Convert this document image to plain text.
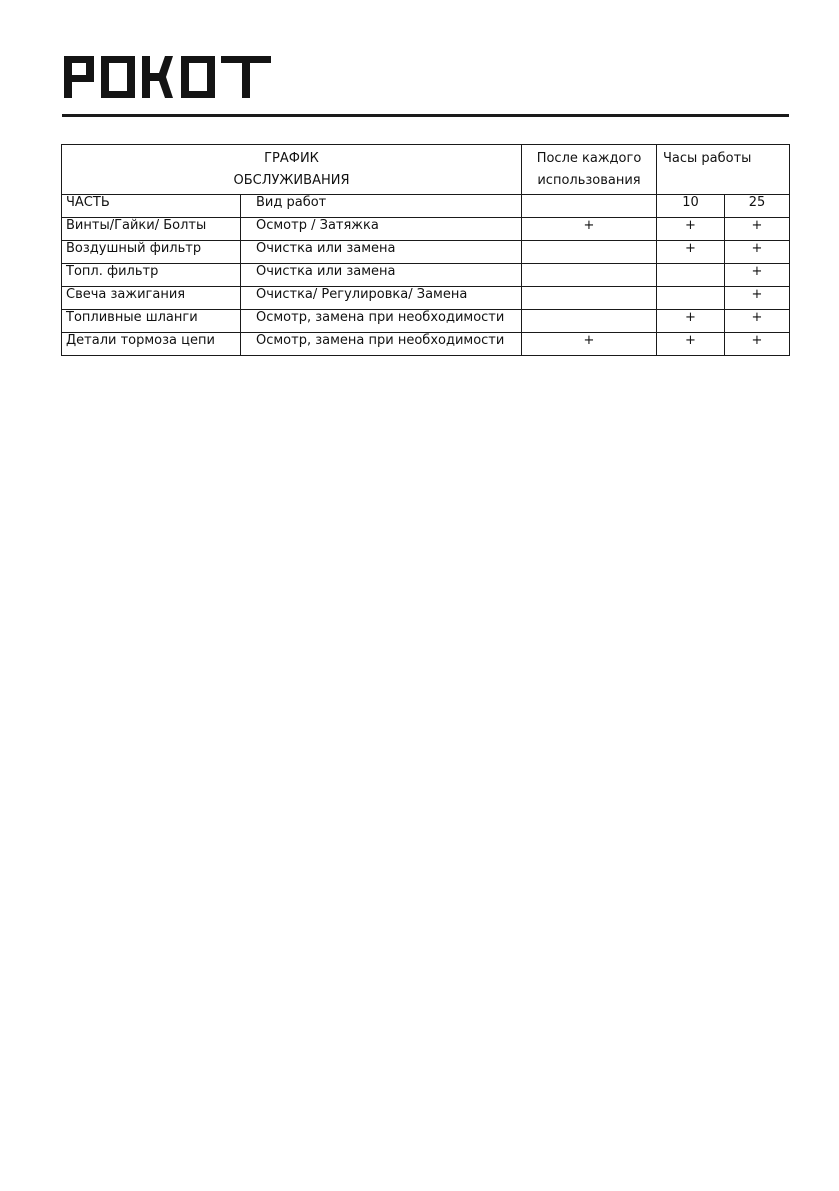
ГРАФИК
ОБСЛУЖИВАНИЯ		После каждого
использования	Часы работы	

ЧАСТЬ	Вид работ		10	25
Винты/Гайки/ Болты	Осмотр / Затяжка	+	+	+
Воздушный фильтр	Очистка или замена		+	+
Топл. фильтр	Очистка или замена			+
Свеча зажигания	Очистка/ Регулировка/ Замена			+
Топливные шланги	Осмотр, замена при необходимости		+	+
Детали тормоза цепи	Осмотр, замена при необходимости	+	+	+
